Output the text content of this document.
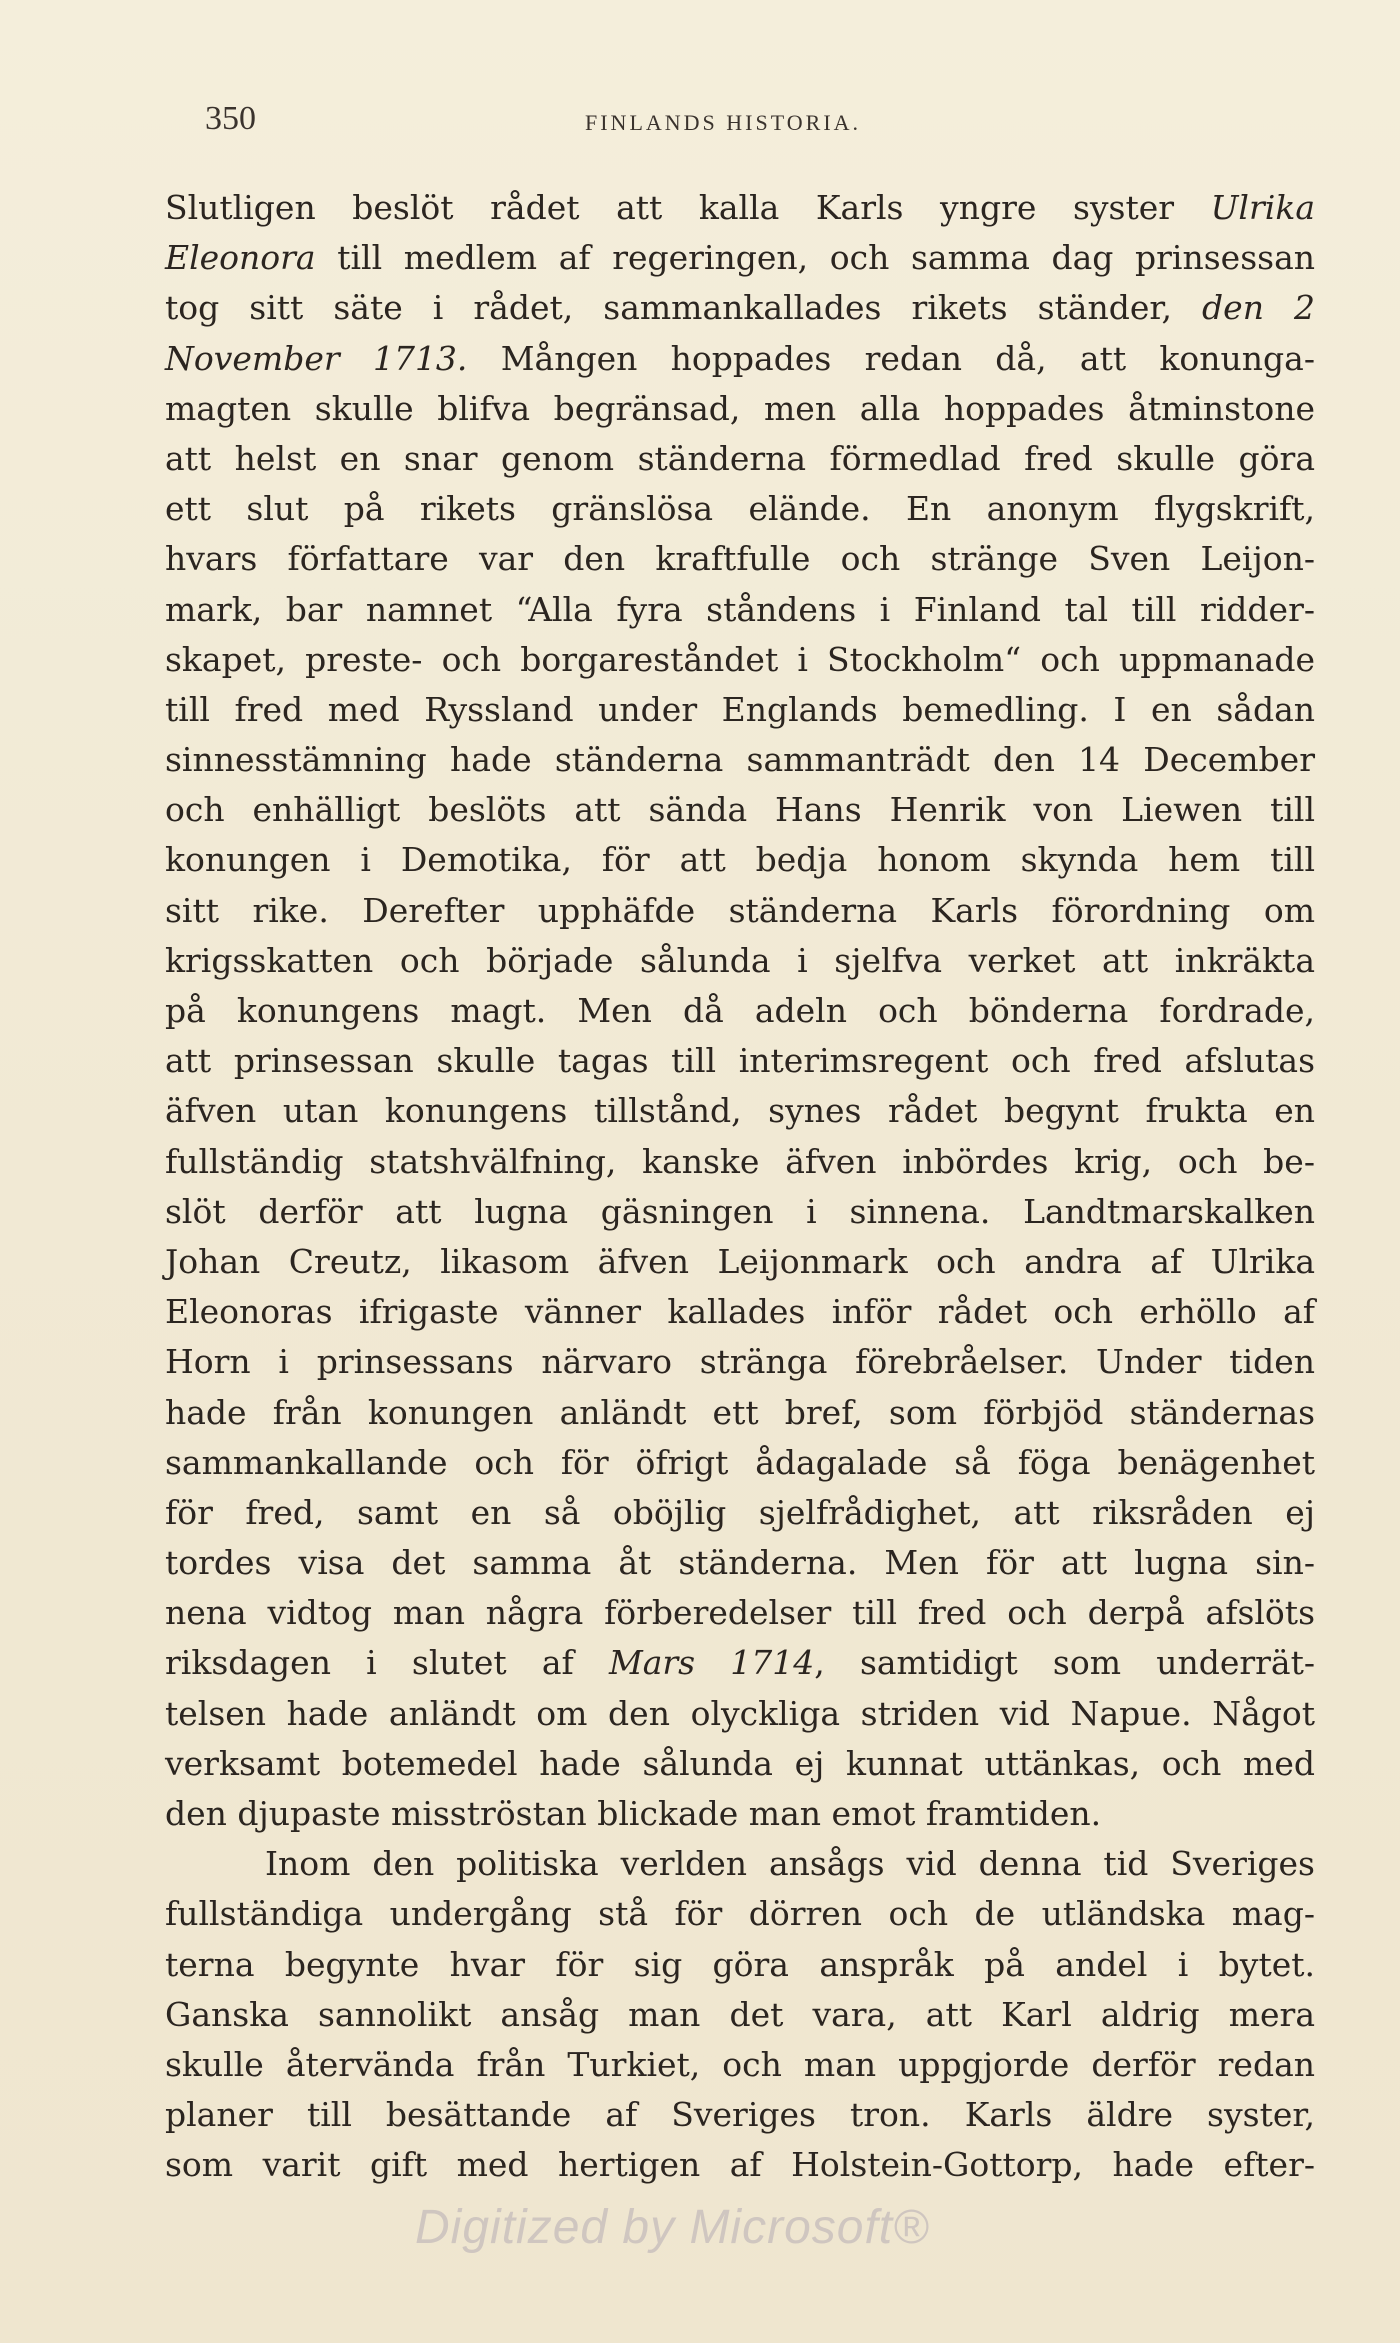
350	FINLANDS HISTORIA.
Slutligen beslöt rådet att kalla Karls yngre syster Ulrika
Eleonora till medlem af regeringen, och samma dag prinsessan
tog sitt säte i rådet, sammankallades rikets ständer, den 2
November 1713. Mången hoppades redan då, att konunga-
magten skulle blifva begränsad, men alla hoppades åtminstone
att helst en snar genom ständerna förmedlad fred skulle göra
ett slut på rikets gränslösa elände. En anonym flygskrift,
hvars författare var den kraftfulle och stränge Sven Leijon-
mark, bar namnet “Alla fyra ståndens i Finland tal till ridder-
skapet, preste- och borgareståndet i Stockholm“ och uppmanade
till fred med Ryssland under Englands bemedling. I en sådan
sinnesstämning hade ständerna sammanträdt den 14 December
och enhälligt beslöts att sända Hans Henrik von Liewen till
konungen i Demotika, för att bedja honom skynda hem till
sitt rike. Derefter upphäfde ständerna Karls förordning om
krigsskatten och började sålunda i sjelfva verket att inkräkta
på konungens magt. Men då adeln och bönderna fordrade,
att prinsessan skulle tagas till interimsregent och fred afslutas
äfven utan konungens tillstånd, synes rådet begynt frukta en
fullständig statshvälfning, kanske äfven inbördes krig, och be-
slöt derför att lugna gäsningen i sinnena. Landtmarskalken
Johan Creutz, likasom äfven Leijonmark och andra af Ulrika
Eleonoras ifrigaste vänner kallades inför rådet och erhöllo af
Horn i prinsessans närvaro stränga förebråelser. Under tiden
hade från konungen anländt ett bref, som förbjöd ständernas
sammankallande och för öfrigt ådagalade så föga benägenhet
för fred, samt en så oböjlig sjelfrådighet, att riksråden ej
tordes visa det samma åt ständerna. Men för att lugna sin-
nena vidtog man några förberedelser till fred och derpå afslöts
riksdagen i slutet af Mars 1714, samtidigt som underrät-
telsen hade anländt om den olyckliga striden vid Napue. Något
verksamt botemedel hade sålunda ej kunnat uttänkas, och med
den djupaste misströstan blickade man emot framtiden.
Inom den politiska verlden ansågs vid denna tid Sveriges
fullständiga undergång stå för dörren och de utländska mag-
terna begynte hvar för sig göra anspråk på andel i bytet.
Ganska sannolikt ansåg man det vara, att Karl aldrig mera
skulle återvända från Turkiet, och man uppgjorde derför redan
planer till besättande af Sveriges tron. Karls äldre syster,
som varit gift med hertigen af Holstein-Gottorp, hade efter-
Digitized by Microsoft®
